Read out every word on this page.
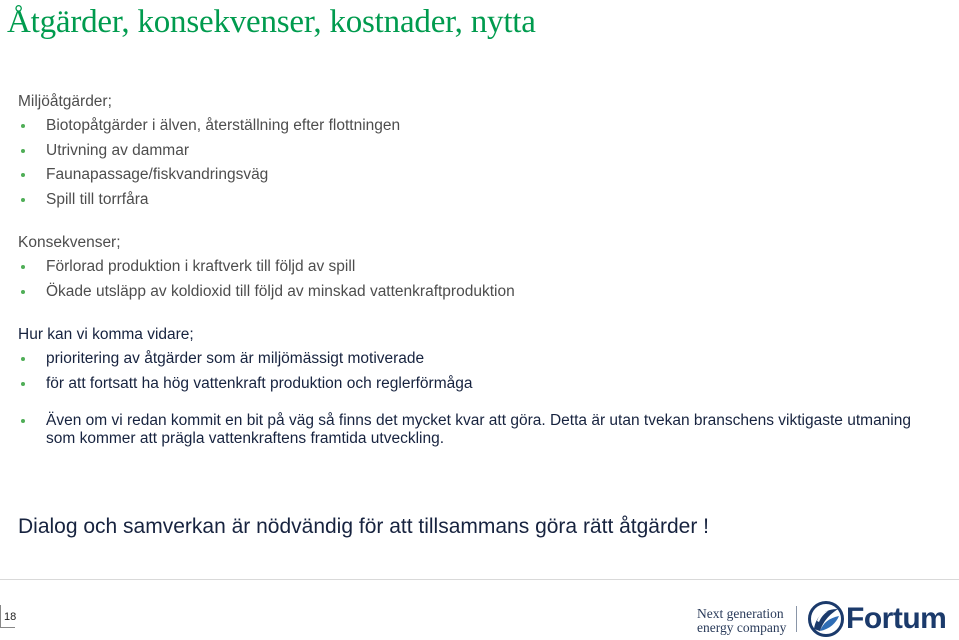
Åtgärder, konsekvenser, kostnader, nytta
Miljöåtgärder;
Biotopåtgärder i älven, återställning efter flottningen
Utrivning av dammar
Faunapassage/fiskvandringsväg
Spill till torrfåra
Konsekvenser;
Förlorad produktion i kraftverk till följd av spill
Ökade utsläpp av koldioxid till följd av minskad vattenkraftproduktion
Hur kan vi komma vidare;
prioritering av åtgärder som är miljömässigt motiverade
för att fortsatt ha hög vattenkraft produktion och reglerförmåga
Även om vi redan kommit en bit på väg så finns det mycket kvar att göra. Detta är utan tvekan branschens viktigaste utmaning som kommer att prägla vattenkraftens framtida utveckling.
Dialog och samverkan är nödvändig för att tillsammans göra rätt åtgärder !
18	Next generation
energy company Fortum
